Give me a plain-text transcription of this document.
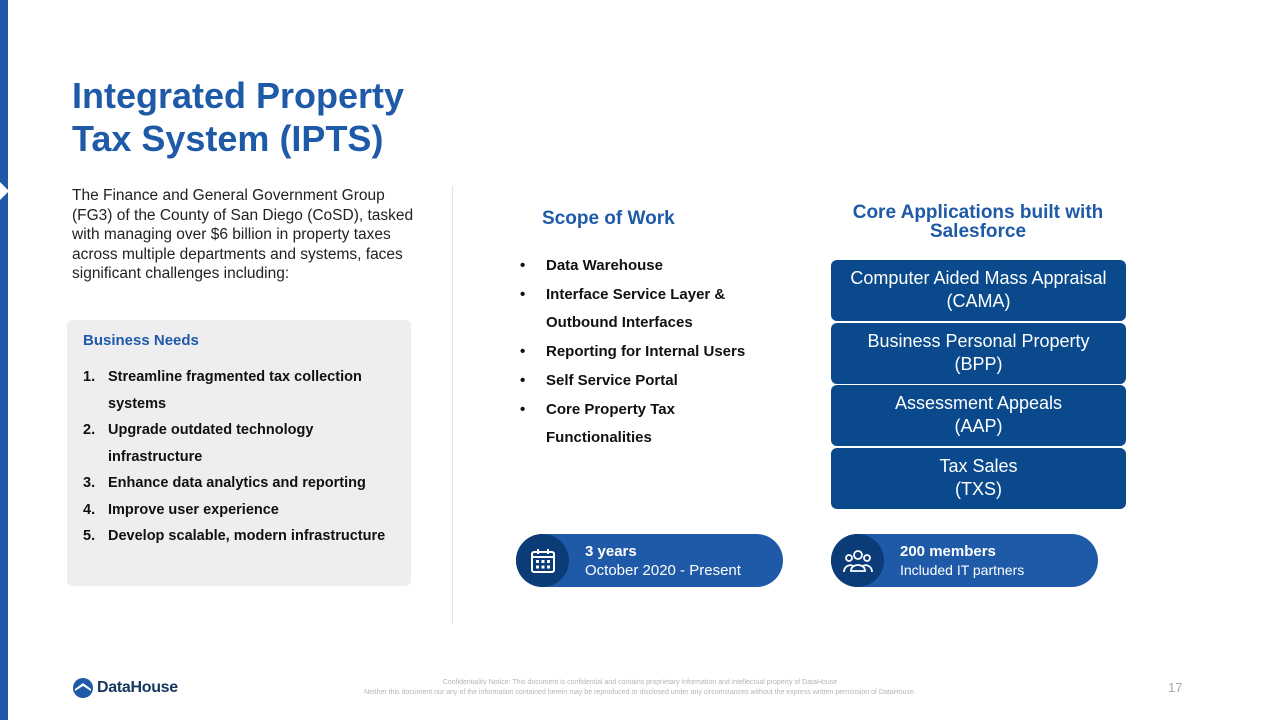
Integrated Property Tax System (IPTS)

The Finance and General Government Group (FG3) of the County of San Diego (CoSD), tasked with managing over $6 billion in property taxes across multiple departments and systems, faces significant challenges including:

Business Needs
1. Streamline fragmented tax collection systems
2. Upgrade outdated technology infrastructure
3. Enhance data analytics and reporting
4. Improve user experience
5. Develop scalable, modern infrastructure
Scope of Work
•	Data Warehouse
•	Interface Service Layer & Outbound Interfaces
•	Reporting for Internal Users
•	Self Service Portal
•	Core Property Tax Functionalities
Core Applications built with Salesforce
Computer Aided Mass Appraisal
(CAMA)
Business Personal Property
(BPP)
Assessment Appeals
(AAP)
Tax Sales
(TXS)
3 years
October 2020 - Present
200 members
Included IT partners
DataHouse	Confidentiality Notice: This document is confidential and contains proprietary information and intellectual property of DataHouse
Neither this document nor any of the information contained herein may be reproduced or disclosed under any circumstances without the express written permission of DataHouse.	17
